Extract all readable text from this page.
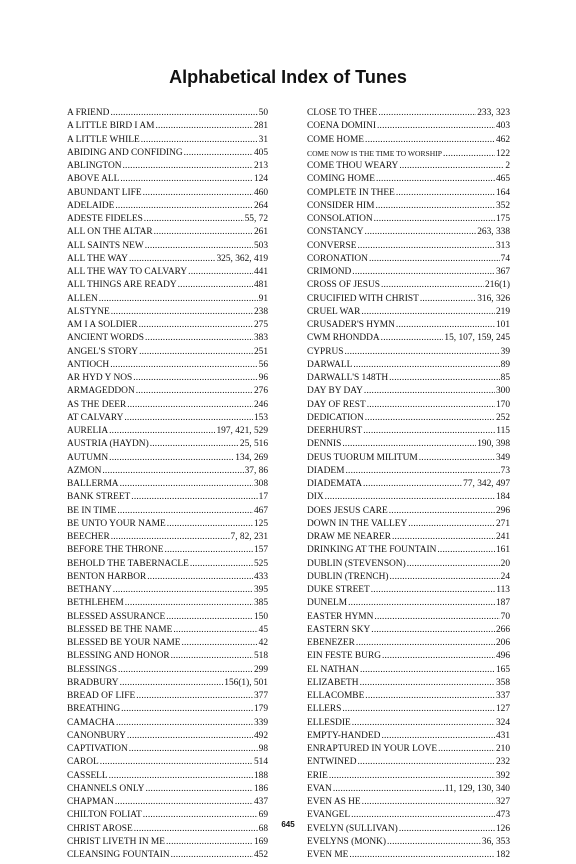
Alphabetical Index of Tunes
A FRIEND .....	50
A LITTLE BIRD I AM .....	281
A LITTLE WHILE .....	31
ABIDING AND CONFIDING .....	405
ABLINGTON .....	213
ABOVE ALL .....	124
ABUNDANT LIFE .....	460
ADELAIDE .....	264
ADESTE FIDELES .....	55, 72
ALL ON THE ALTAR .....	261
ALL SAINTS NEW .....	503
ALL THE WAY .....	325, 362, 419
ALL THE WAY TO CALVARY .....	441
ALL THINGS ARE READY .....	481
ALLEN .....	91
ALSTYNE .....	238
AM I A SOLDIER .....	275
ANCIENT WORDS .....	383
ANGEL'S STORY .....	251
ANTIOCH .....	56
AR HYD Y NOS .....	96
ARMAGEDDON .....	276
AS THE DEER .....	246
AT CALVARY .....	153
AURELIA .....	197, 421, 529
AUSTRIA (HAYDN) .....	25, 516
AUTUMN .....	134, 269
AZMON .....	37, 86
BALLERMA .....	308
BANK STREET .....	17
BE IN TIME .....	467
BE UNTO YOUR NAME .....	125
BEECHER .....	7, 82, 231
BEFORE THE THRONE .....	157
BEHOLD THE TABERNACLE .....	525
BENTON HARBOR .....	433
BETHANY .....	395
BETHLEHEM .....	385
BLESSED ASSURANCE .....	150
BLESSED BE THE NAME .....	45
BLESSED BE YOUR NAME .....	42
BLESSING AND HONOR .....	518
BLESSINGS .....	299
BRADBURY .....	156(1), 501
BREAD OF LIFE .....	377
BREATHING .....	179
CAMACHA .....	339
CANONBURY .....	492
CAPTIVATION .....	98
CAROL .....	514
CASSELL .....	188
CHANNELS ONLY .....	186
CHAPMAN .....	437
CHILTON FOLIAT .....	69
CHRIST AROSE .....	68
CHRIST LIVETH IN ME .....	169
CLEANSING FOUNTAIN .....	452
CLOSE TO THEE .....	233, 323
COENA DOMINI .....	403
COME HOME .....	462
COME NOW IS THE TIME TO WORSHIP .....	122
COME THOU WEARY .....	2
COMING HOME .....	465
COMPLETE IN THEE .....	164
CONSIDER HIM .....	352
CONSOLATION .....	175
CONSTANCY .....	263, 338
CONVERSE .....	313
CORONATION .....	74
CRIMOND .....	367
CROSS OF JESUS .....	216(1)
CRUCIFIED WITH CHRIST .....	316, 326
CRUEL WAR .....	219
CRUSADER'S HYMN .....	101
CWM RHONDDA .....	15, 107, 159, 245
CYPRUS .....	39
DARWALL .....	89
DARWALL'S 148TH .....	85
DAY BY DAY .....	300
DAY OF REST .....	170
DEDICATION .....	252
DEERHURST .....	115
DENNIS .....	190, 398
DEUS TUORUM MILITUM .....	349
DIADEM .....	73
DIADEMATA .....	77, 342, 497
DIX .....	184
DOES JESUS CARE .....	296
DOWN IN THE VALLEY .....	271
DRAW ME NEARER .....	241
DRINKING AT THE FOUNTAIN .....	161
DUBLIN (STEVENSON) .....	20
DUBLIN (TRENCH) .....	24
DUKE STREET .....	113
DUNELM .....	187
EASTER HYMN .....	70
EASTERN SKY .....	266
EBENEZER .....	206
EIN FESTE BURG .....	496
EL NATHAN .....	165
ELIZABETH .....	358
ELLACOMBE .....	337
ELLERS .....	127
ELLESDIE .....	324
EMPTY-HANDED .....	431
ENRAPTURED IN YOUR LOVE .....	210
ENTWINED .....	232
ERIE .....	392
EVAN .....	11, 129, 130, 340
EVEN AS HE .....	327
EVANGEL .....	473
EVELYN (SULLIVAN) .....	126
EVELYNS (MONK) .....	36, 353
EVEN ME .....	182
645
